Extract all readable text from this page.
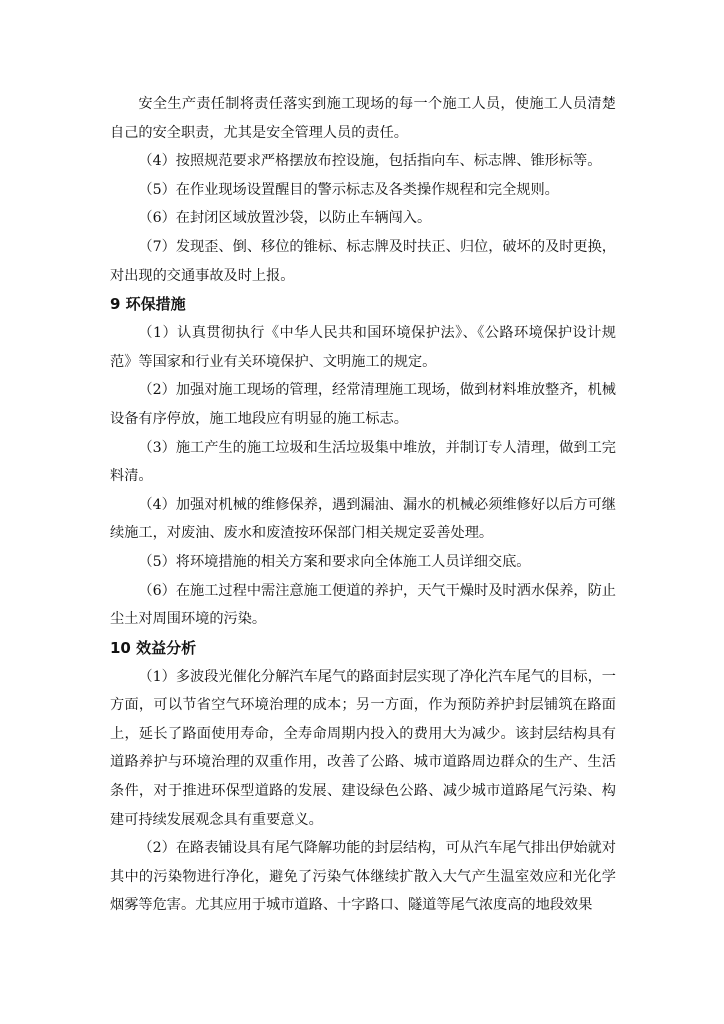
安全生产责任制将责任落实到施工现场的每一个施工人员，使施工人员清楚自己的安全职责，尤其是安全管理人员的责任。

（4）按照规范要求严格摆放布控设施，包括指向车、标志牌、锥形标等。

（5）在作业现场设置醒目的警示标志及各类操作规程和完全规则。

（6）在封闭区域放置沙袋，以防止车辆闯入。

（7）发现歪、倒、移位的锥标、标志牌及时扶正、归位，破坏的及时更换，对出现的交通事故及时上报。

9 环保措施

（1）认真贯彻执行《中华人民共和国环境保护法》、《公路环境保护设计规范》等国家和行业有关环境保护、文明施工的规定。

（2）加强对施工现场的管理，经常清理施工现场，做到材料堆放整齐，机械设备有序停放，施工地段应有明显的施工标志。

（3）施工产生的施工垃圾和生活垃圾集中堆放，并制订专人清理，做到工完料清。

（4）加强对机械的维修保养，遇到漏油、漏水的机械必须维修好以后方可继续施工，对废油、废水和废渣按环保部门相关规定妥善处理。

（5）将环境措施的相关方案和要求向全体施工人员详细交底。

（6）在施工过程中需注意施工便道的养护，天气干燥时及时洒水保养，防止尘土对周围环境的污染。

10 效益分析

（1）多波段光催化分解汽车尾气的路面封层实现了净化汽车尾气的目标，一方面，可以节省空气环境治理的成本；另一方面，作为预防养护封层铺筑在路面上，延长了路面使用寿命，全寿命周期内投入的费用大为减少。该封层结构具有道路养护与环境治理的双重作用，改善了公路、城市道路周边群众的生产、生活条件，对于推进环保型道路的发展、建设绿色公路、减少城市道路尾气污染、构建可持续发展观念具有重要意义。

（2）在路表铺设具有尾气降解功能的封层结构，可从汽车尾气排出伊始就对其中的污染物进行净化，避免了污染气体继续扩散入大气产生温室效应和光化学烟雾等危害。尤其应用于城市道路、十字路口、隧道等尾气浓度高的地段效果
